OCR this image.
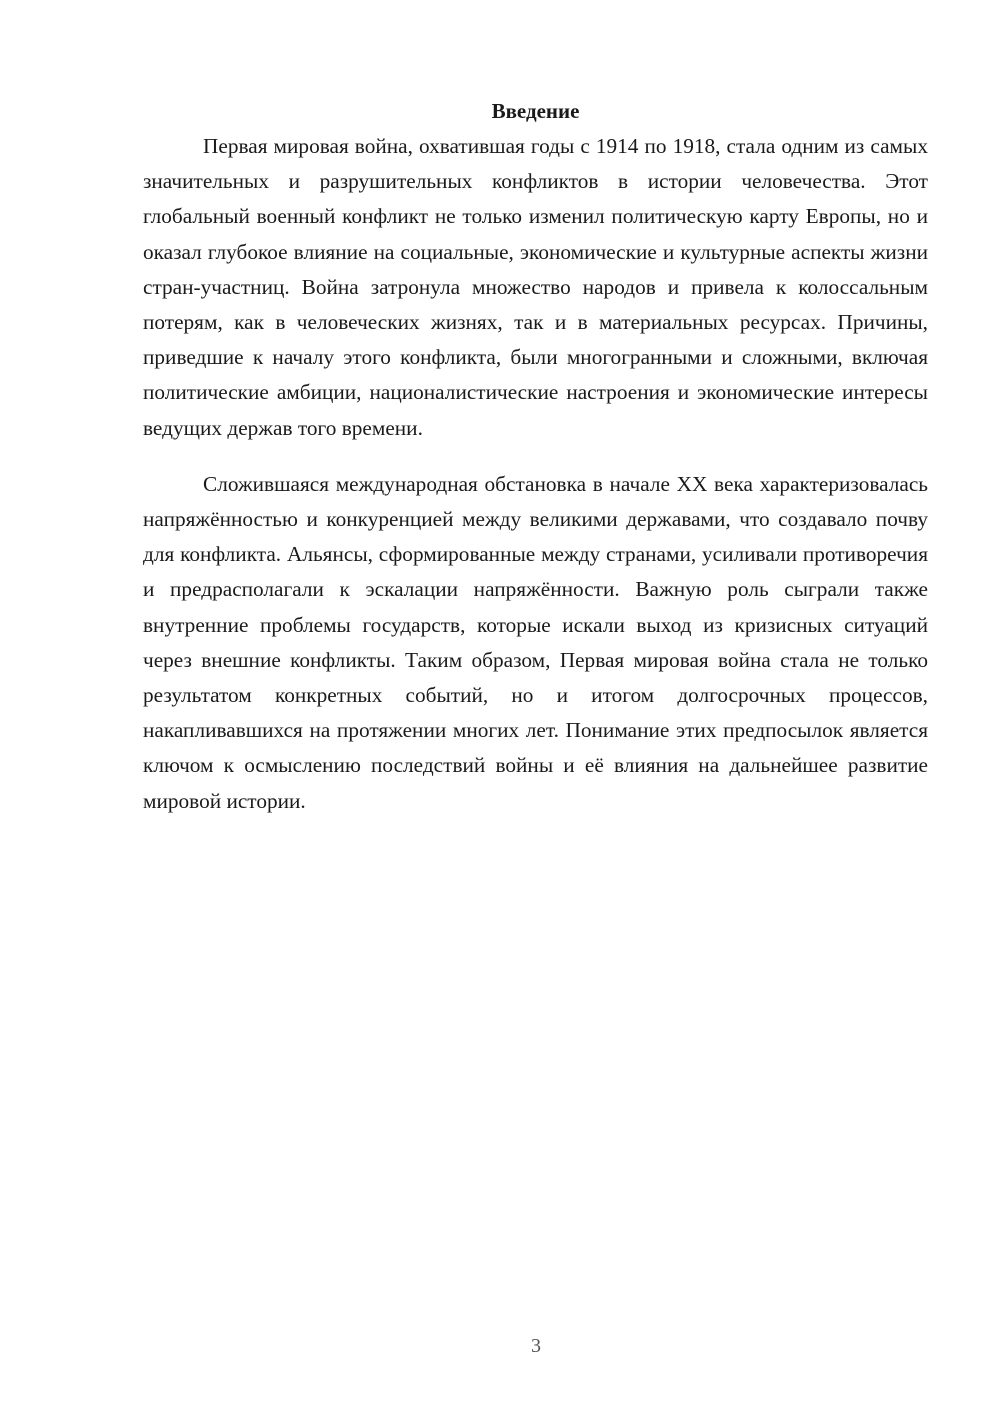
Введение

Первая мировая война, охватившая годы с 1914 по 1918, стала одним из самых значительных и разрушительных конфликтов в истории человечества. Этот глобальный военный конфликт не только изменил политическую карту Европы, но и оказал глубокое влияние на социальные, экономические и культурные аспекты жизни стран-участниц. Война затронула множество народов и привела к колоссальным потерям, как в человеческих жизнях, так и в материальных ресурсах. Причины, приведшие к началу этого конфликта, были многогранными и сложными, включая политические амбиции, националистические настроения и экономические интересы ведущих держав того времени.

Сложившаяся международная обстановка в начале XX века характеризовалась напряжённостью и конкуренцией между великими державами, что создавало почву для конфликта. Альянсы, сформированные между странами, усиливали противоречия и предрасполагали к эскалации напряжённости. Важную роль сыграли также внутренние проблемы государств, которые искали выход из кризисных ситуаций через внешние конфликты. Таким образом, Первая мировая война стала не только результатом конкретных событий, но и итогом долгосрочных процессов, накапливавшихся на протяжении многих лет. Понимание этих предпосылок является ключом к осмыслению последствий войны и её влияния на дальнейшее развитие мировой истории.

3
